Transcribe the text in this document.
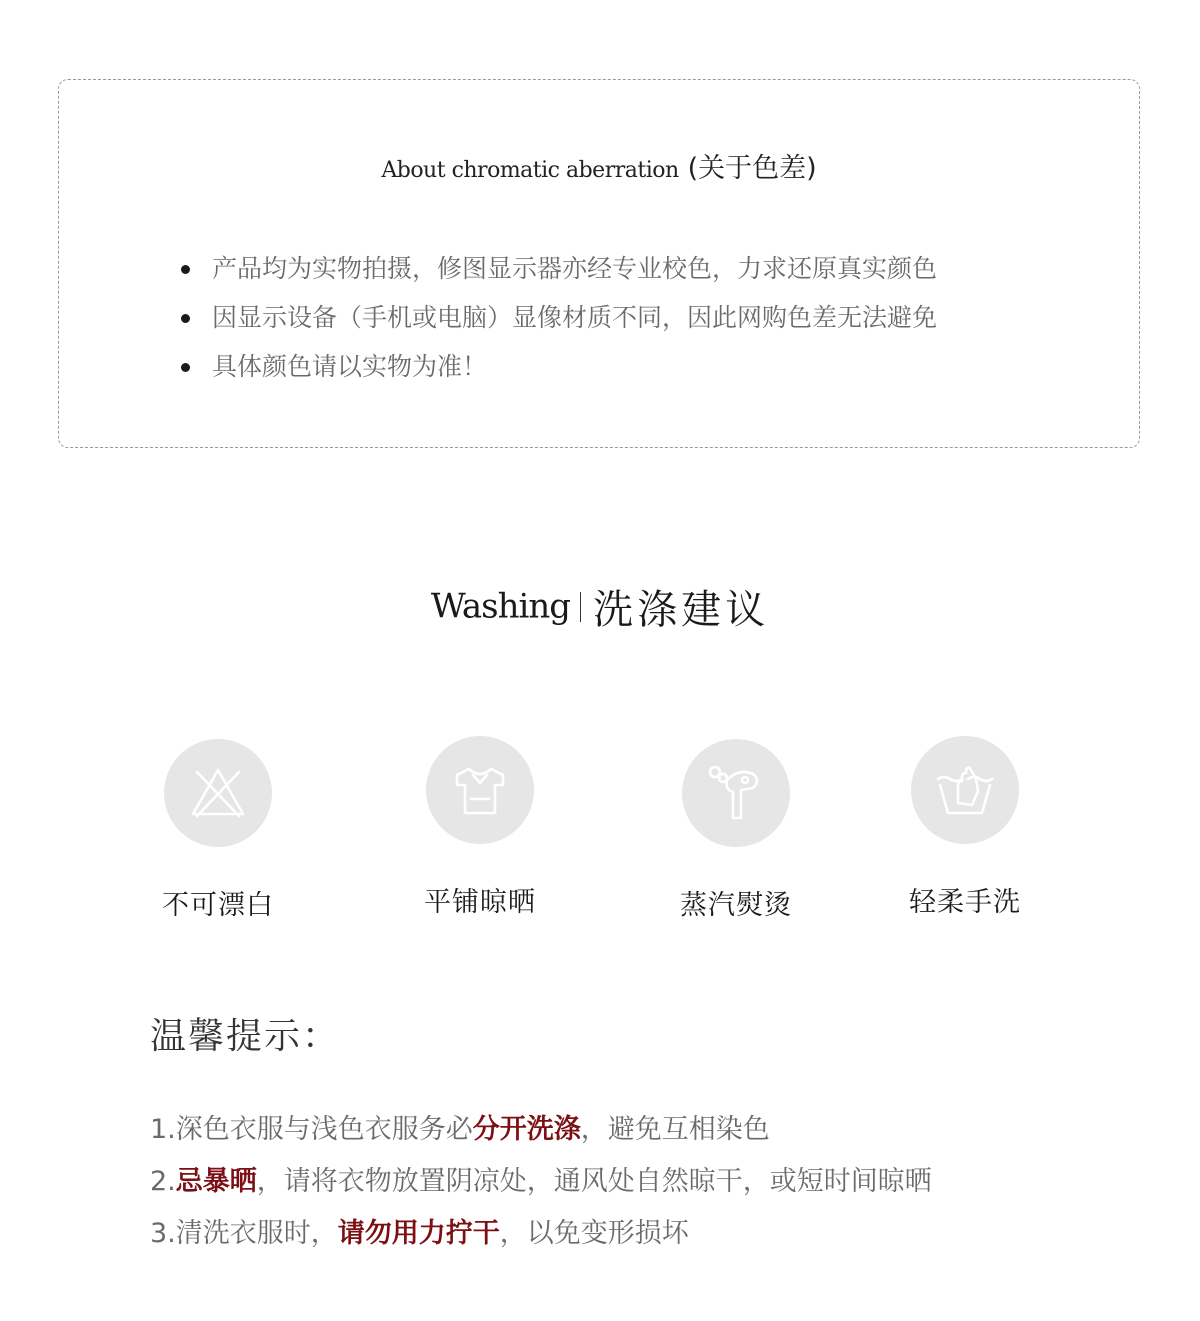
About chromatic aberration (关于色差)
产品均为实物拍摄，修图显示器亦经专业校色，力求还原真实颜色
因显示设备（手机或电脑）显像材质不同，因此网购色差无法避免
具体颜色请以实物为准！
Washing 洗涤建议
不可漂白	平铺晾晒	蒸汽熨烫	轻柔手洗
温馨提示：
1.深色衣服与浅色衣服务必分开洗涤，避免互相染色
2.忌暴晒，请将衣物放置阴凉处，通风处自然晾干，或短时间晾晒
3.清洗衣服时，请勿用力拧干，以免变形损坏
